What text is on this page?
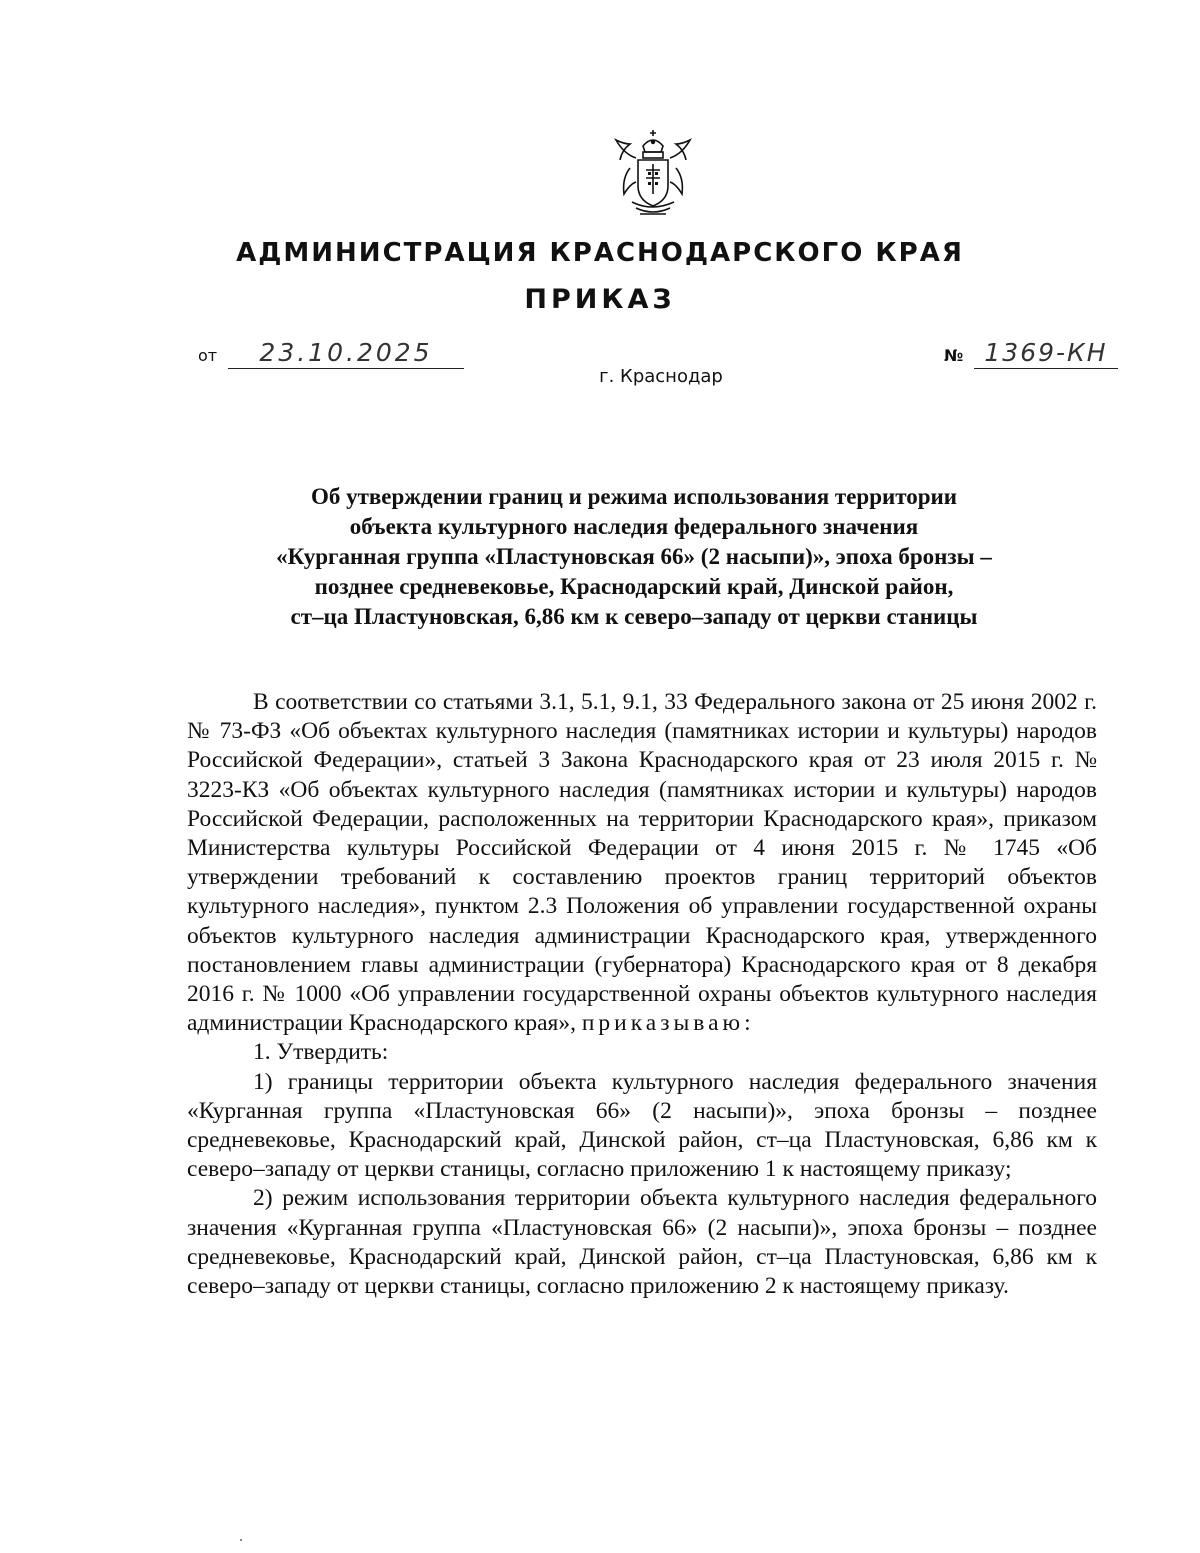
АДМИНИСТРАЦИЯ КРАСНОДАРСКОГО КРАЯ
ПРИКАЗ
от	23.10.2025	№ 1369-КН
г. Краснодар
Об утверждении границ и режима использования территории
объекта культурного наследия федерального значения
«Курганная группа «Пластуновская 66» (2 насыпи)», эпоха бронзы –
позднее средневековье, Краснодарский край, Динской район,
ст–ца Пластуновская, 6,86 км к северо–западу от церкви станицы

В соответствии со статьями 3.1, 5.1, 9.1, 33 Федерального закона от 25 июня 2002 г. № 73-ФЗ «Об объектах культурного наследия (памятниках истории и культуры) народов Российской Федерации», статьей 3 Закона Краснодарского края от 23 июля 2015 г. № 3223-КЗ «Об объектах культурного наследия (памятниках истории и культуры) народов Российской Федерации, расположенных на территории Краснодарского края», приказом Министерства культуры Российской Федерации от 4 июня 2015 г. № 1745 «Об утверждении требований к составлению проектов границ территорий объектов культурного наследия», пунктом 2.3 Положения об управлении государственной охраны объектов культурного наследия администрации Краснодарского края, утвержденного постановлением главы администрации (губернатора) Краснодарского края от 8 декабря 2016 г. № 1000 «Об управлении государственной охраны объектов культурного наследия администрации Краснодарского края», приказываю:

1. Утвердить:

1) границы территории объекта культурного наследия федерального значения «Курганная группа «Пластуновская 66» (2 насыпи)», эпоха бронзы – позднее средневековье, Краснодарский край, Динской район, ст–ца Пластуновская, 6,86 км к северо–западу от церкви станицы, согласно приложению 1 к настоящему приказу;

2) режим использования территории объекта культурного наследия федерального значения «Курганная группа «Пластуновская 66» (2 насыпи)», эпоха бронзы – позднее средневековье, Краснодарский край, Динской район, ст–ца Пластуновская, 6,86 км к северо–западу от церкви станицы, согласно приложению 2 к настоящему приказу.
